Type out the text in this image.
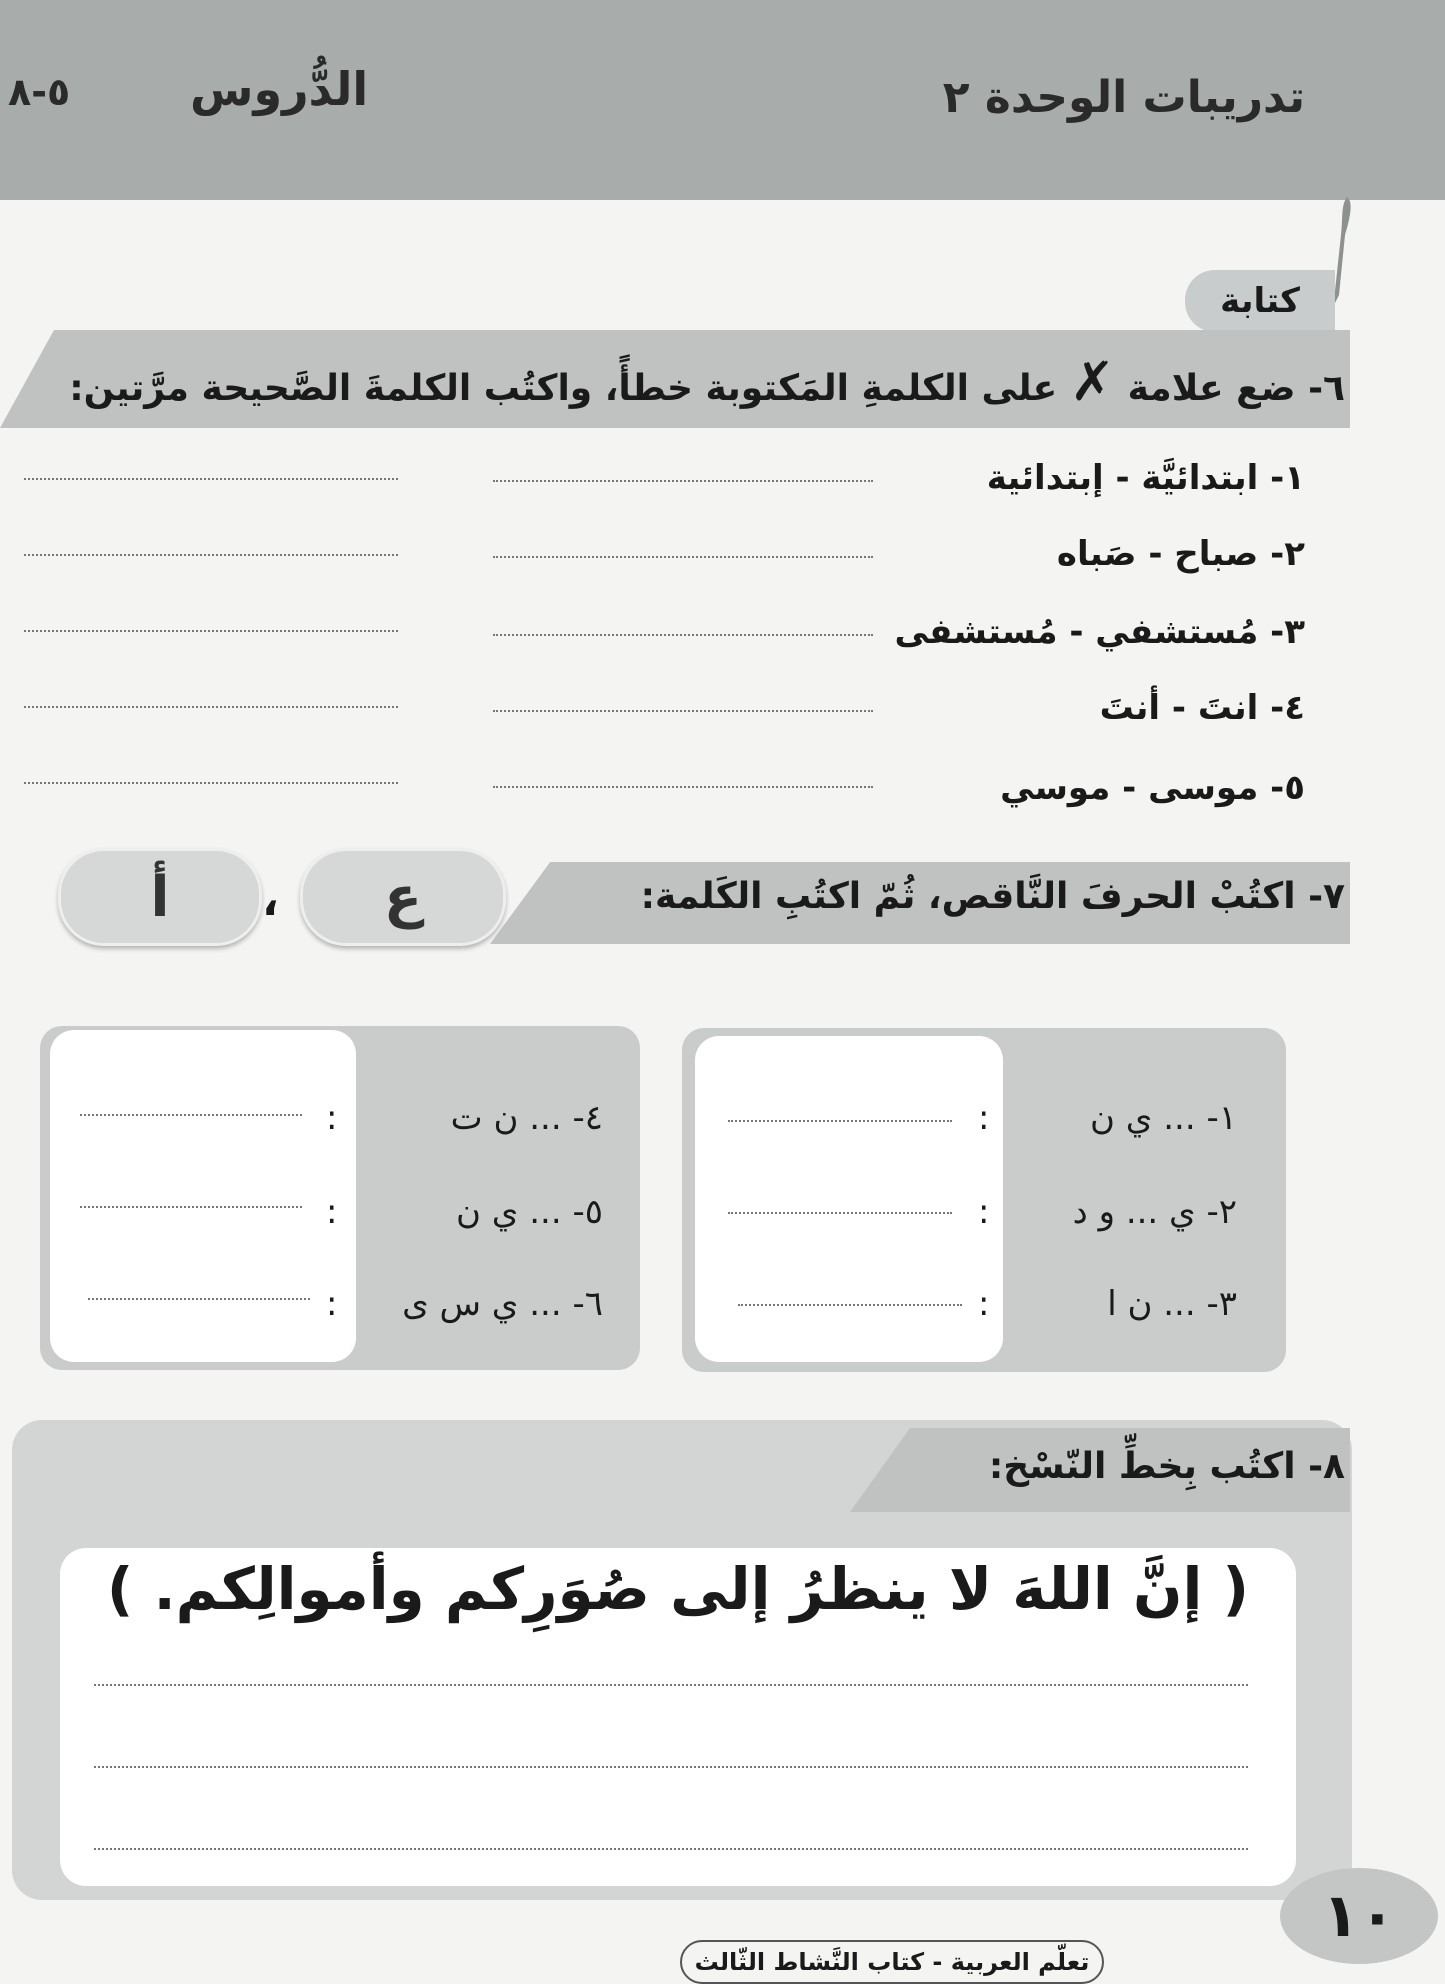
تدريبات الوحدة ٢
الدُّروس
٥-٨
كتابة
٦- ضع علامة ✗ على الكلمةِ المَكتوبة خطأً، واكتُب الكلمةَ الصَّحيحة مرَّتين:
١- ابتدائيَّة - إبتدائية
٢- صباح - صَباه
٣- مُستشفي - مُستشفى
٤- انتَ - أنتَ
٥- موسى - موسي
٧- اكتُبْ الحرفَ النَّاقص، ثُمّ اكتُبِ الكَلمة:
ع
،
أ
١- ... ي ن
٢- ي ... و د
٣- ... ن ا
:
:
:
٤- ... ن ت
٥- ... ي ن
٦- ... ي س ى
:
:
:
٨- اكتُب بِخطِّ النّسْخ:
( إنَّ اللهَ لا ينظرُ إلى صُوَرِكم وأموالِكم. )
١٠
تعلّم العربية - كتاب النَّشاط الثّالث
